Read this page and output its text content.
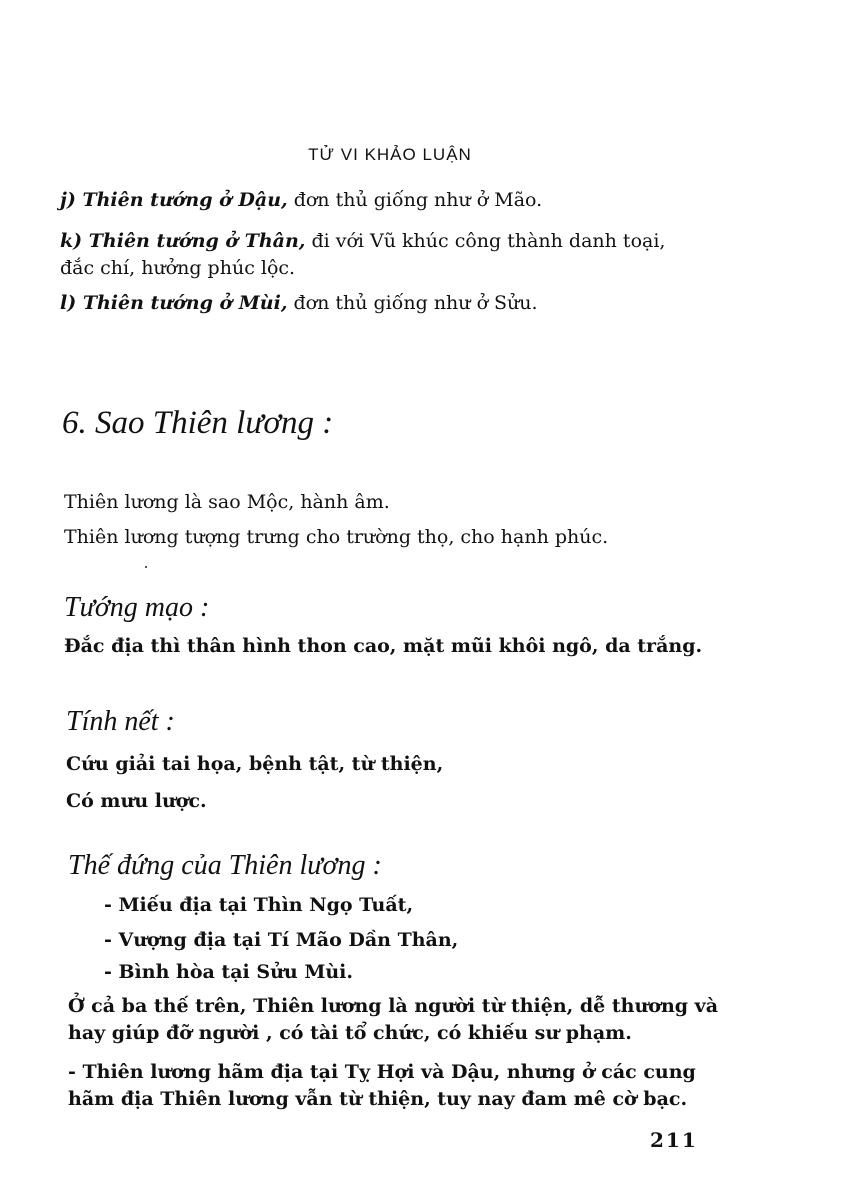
TỬ VI KHẢO LUẬN
j) Thiên tướng ở Dậu, đơn thủ giống như ở Mão.
k) Thiên tướng ở Thân, đi với Vũ khúc công thành danh toại,
đắc chí, hưởng phúc lộc.
l) Thiên tướng ở Mùi, đơn thủ giống như ở Sửu.
6. Sao Thiên lương :
Thiên lương là sao Mộc, hành âm.
Thiên lương tượng trưng cho trường thọ, cho hạnh phúc.
Tướng mạo :
Đắc địa thì thân hình thon cao, mặt mũi khôi ngô, da trắng.
Tính nết :
Cứu giải tai họa, bệnh tật, từ thiện,
Có mưu lược.
Thế đứng của Thiên lương :
- Miếu địa tại Thìn Ngọ Tuất,
- Vượng địa tại Tí Mão Dần Thân,
- Bình hòa tại Sửu Mùi.
Ở cả ba thế trên, Thiên lương là người từ thiện, dễ thương và
hay giúp đỡ người , có tài tổ chức, có khiếu sư phạm.
- Thiên lương hãm địa tại Tỵ Hợi và Dậu, nhưng ở các cung
hãm địa Thiên lương vẫn từ thiện, tuy nay đam mê cờ bạc.
211
